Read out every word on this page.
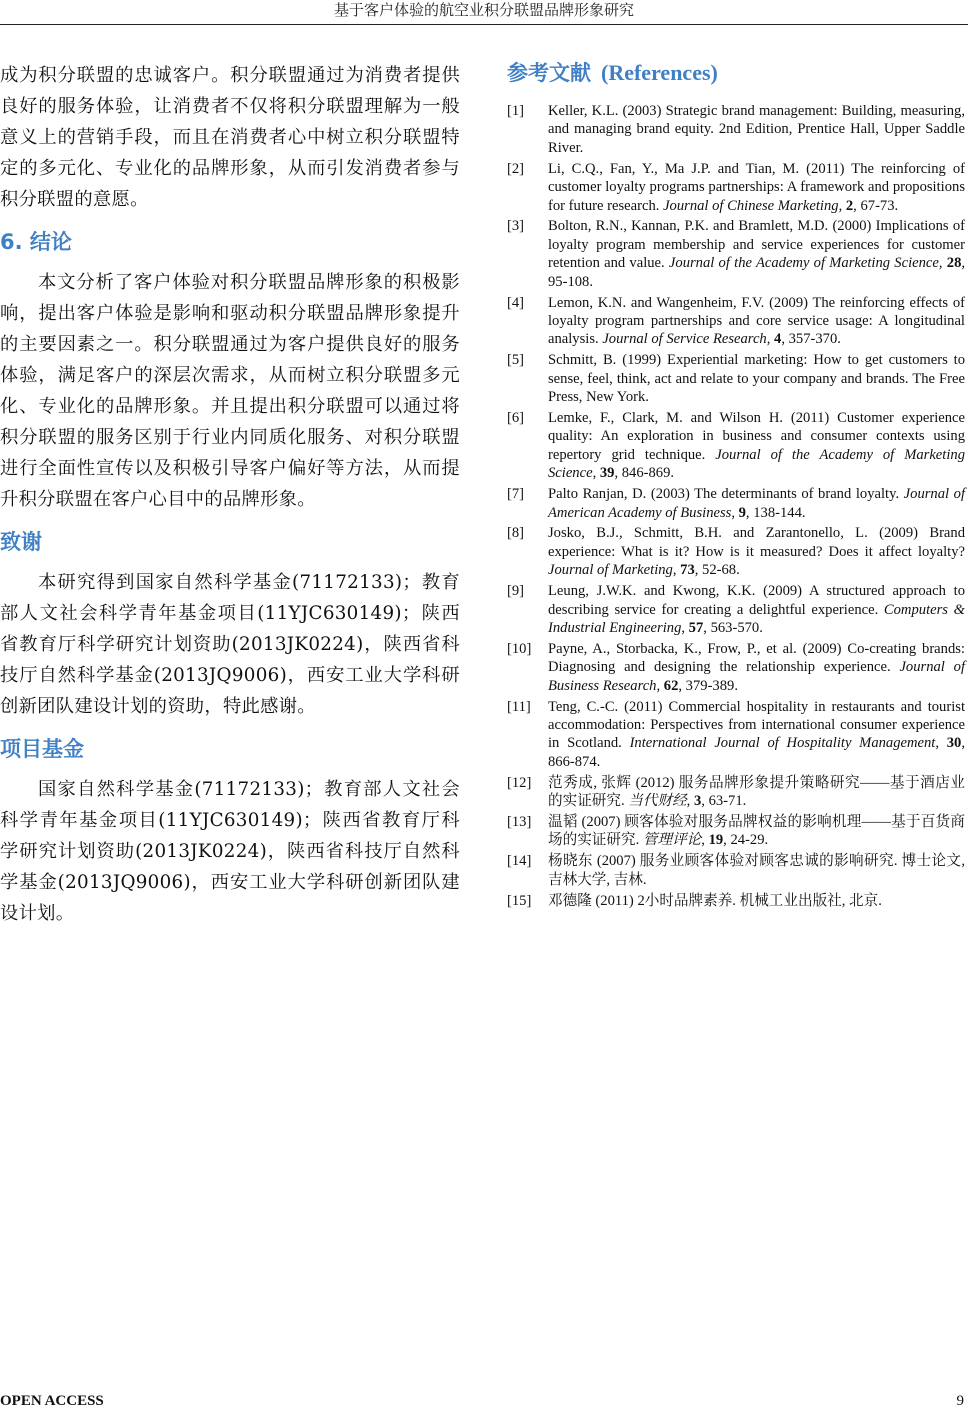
基于客户体验的航空业积分联盟品牌形象研究

成为积分联盟的忠诚客户。积分联盟通过为消费者提供良好的服务体验，让消费者不仅将积分联盟理解为一般意义上的营销手段，而且在消费者心中树立积分联盟特定的多元化、专业化的品牌形象，从而引发消费者参与积分联盟的意愿。

6. 结论

本文分析了客户体验对积分联盟品牌形象的积极影响，提出客户体验是影响和驱动积分联盟品牌形象提升的主要因素之一。积分联盟通过为客户提供良好的服务体验，满足客户的深层次需求，从而树立积分联盟多元化、专业化的品牌形象。并且提出积分联盟可以通过将积分联盟的服务区别于行业内同质化服务、对积分联盟进行全面性宣传以及积极引导客户偏好等方法，从而提升积分联盟在客户心目中的品牌形象。

致谢

本研究得到国家自然科学基金(71172133)；教育部人文社会科学青年基金项目(11YJC630149)；陕西省教育厅科学研究计划资助(2013JK0224)，陕西省科技厅自然科学基金(2013JQ9006)，西安工业大学科研创新团队建设计划的资助，特此感谢。

项目基金

国家自然科学基金(71172133)；教育部人文社会科学青年基金项目(11YJC630149)；陕西省教育厅科学研究计划资助(2013JK0224)，陕西省科技厅自然科学基金(2013JQ9006)，西安工业大学科研创新团队建设计划。

参考文献 (References)
[1] Keller, K.L. (2003) Strategic brand management: Building, measuring, and managing brand equity. 2nd Edition, Prentice Hall, Upper Saddle River.
[2] Li, C.Q., Fan, Y., Ma J.P. and Tian, M. (2011) The reinforcing of customer loyalty programs partnerships: A framework and propositions for future research. Journal of Chinese Marketing, 2, 67-73.
[3] Bolton, R.N., Kannan, P.K. and Bramlett, M.D. (2000) Implications of loyalty program membership and service experiences for customer retention and value. Journal of the Academy of Marketing Science, 28, 95-108.
[4] Lemon, K.N. and Wangenheim, F.V. (2009) The reinforcing effects of loyalty program partnerships and core service usage: A longitudinal analysis. Journal of Service Research, 4, 357-370.
[5] Schmitt, B. (1999) Experiential marketing: How to get customers to sense, feel, think, act and relate to your company and brands. The Free Press, New York.
[6] Lemke, F., Clark, M. and Wilson H. (2011) Customer experience quality: An exploration in business and consumer contexts using repertory grid technique. Journal of the Academy of Marketing Science, 39, 846-869.
[7] Palto Ranjan, D. (2003) The determinants of brand loyalty. Journal of American Academy of Business, 9, 138-144.
[8] Josko, B.J., Schmitt, B.H. and Zarantonello, L. (2009) Brand experience: What is it? How is it measured? Does it affect loyalty? Journal of Marketing, 73, 52-68.
[9] Leung, J.W.K. and Kwong, K.K. (2009) A structured approach to describing service for creating a delightful experience. Computers & Industrial Engineering, 57, 563-570.
[10] Payne, A., Storbacka, K., Frow, P., et al. (2009) Co-creating brands: Diagnosing and designing the relationship experience. Journal of Business Research, 62, 379-389.
[11] Teng, C.-C. (2011) Commercial hospitality in restaurants and tourist accommodation: Perspectives from international consumer experience in Scotland. International Journal of Hospitality Management, 30, 866-874.
[12] 范秀成, 张辉 (2012) 服务品牌形象提升策略研究——基于酒店业的实证研究. 当代财经, 3, 63-71.
[13] 温韬 (2007) 顾客体验对服务品牌权益的影响机理——基于百货商场的实证研究. 管理评论, 19, 24-29.
[14] 杨晓东 (2007) 服务业顾客体验对顾客忠诚的影响研究. 博士论文, 吉林大学, 吉林.
[15] 邓德隆 (2011) 2小时品牌素养. 机械工业出版社, 北京.
OPEN ACCESS	9
